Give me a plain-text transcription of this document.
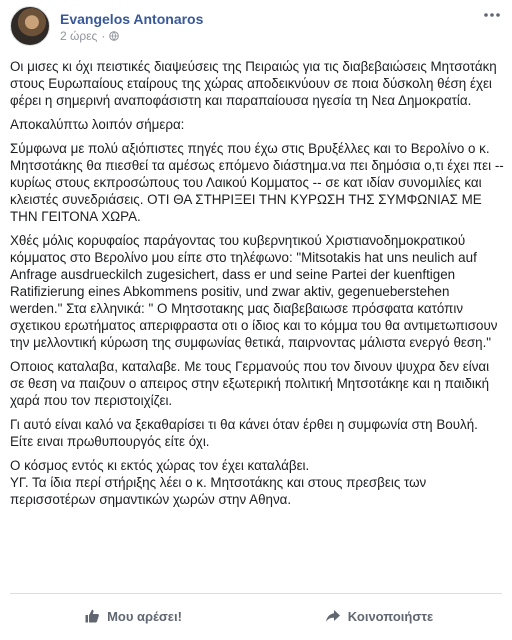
Evangelos Antonaros
2 ώρες ·

Οι μισες κι όχι πειστικές διαψεύσεις της Πειραιώς για τις διαβεβαιώσεις Μητσοτάκη στους Ευρωπαίους εταίρους της χώρας αποδεικνύουν σε ποια δύσκολη θέση έχει φέρει η σημερινή αναποφάσιστη και παραπαίουσα ηγεσία τη Νεα Δημοκρατία.

Αποκαλύπτω λοιπόν σήμερα:

Σύμφωνα με πολύ αξιόπιστες πηγές που έχω στις Βρυξέλλες και το Βερολίνο ο κ. Μητσοτάκης θα πιεσθεί τα αμέσως επόμενο διάστημα.να πει δημόσια ο,τι έχει πει -- κυρίως στους εκπροσώπους του Λαικού Κομματος -- σε κατ ιδίαν συνομιλίες και κλειστές συνεδριάσεις. ΟΤΙ ΘΑ ΣΤΗΡΙΞΕΙ ΤΗΝ ΚΥΡΩΣΗ ΤΗΣ ΣΥΜΦΩΝΙΑΣ ΜΕ ΤΗΝ ΓΕΙΤΟΝΑ ΧΩΡΑ.

Χθές μόλις κορυφαίος παράγοντας του κυβερνητικού Χριστιανοδημοκρατικού κόμματος στο Βερολίνο μου είπε στο τηλέφωνο: "Mitsotakis hat uns neulich auf Anfrage ausdrueckilch zugesichert, dass er und seine Partei der kuenftigen Ratifizierung eines Abkommens positiv, und zwar aktiv, gegenueberstehen werden." Στα ελληνικά: " Ο Μητσοτακης μας διαβεβαιωσε πρόσφατα κατόπιν σχετικου ερωτήματος απεριφραστα οτι ο ίδιος και το κόμμα του θα αντιμετωπισουν την μελλοντική κύρωση της συμφωνίας θετικά, παιρνοντας μάλιστα ενεργό θεση."

Οποιος καταλαβα, καταλαβε. Με τους Γερμανούς που τον δινουν ψυχρα δεν είναι σε θεση να παιζουν ο απειρος στην εξωτερική πολιτική Μητσοτάκηε και η παιδική χαρά που τον περιστοιχίζει.

Γι αυτό είναι καλό να ξεκαθαρίσει τι θα κάνει όταν έρθει η συμφωνία στη Βουλή. Είτε ειναι πρωθυπουργός είτε όχι.

Ο κόσμος εντός κι εκτός χώρας τον έχει καταλάβει.
ΥΓ. Τα ίδια περί στήριξης λέει ο κ. Μητσοτάκης και στους πρεσβεις των περισσοτέρων σημαντικών χωρών στην Αθηνα.

Μου αρέσει!	Κοινοποιήστε
